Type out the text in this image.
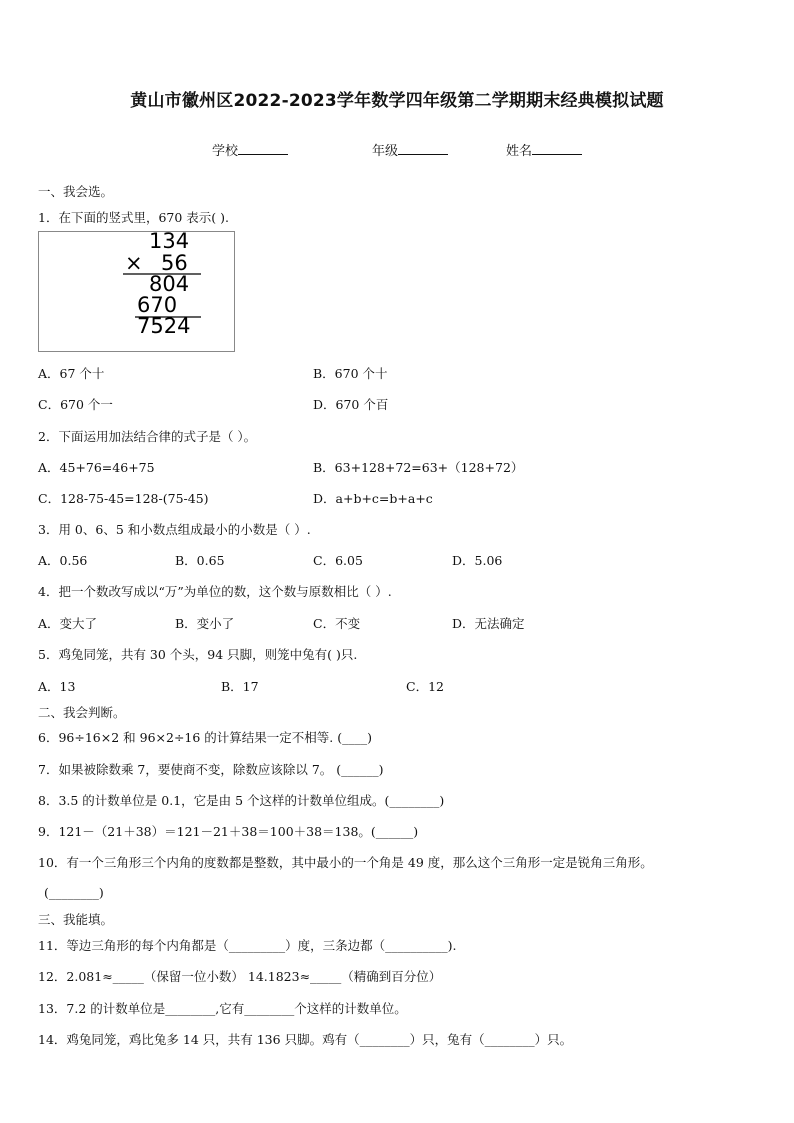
黄山市徽州区2022-2023学年数学四年级第二学期期末经典模拟试题
学校	年级	姓名
一、我会选。
1．在下面的竖式里，670 表示( ).
134
× 56
804
670
7524
A．67 个十	B．670 个十
C．670 个一	D．670 个百
2．下面运用加法结合律的式子是（ ）。
A．45+76=46+75	B．63+128+72=63+（128+72）
C．128-75-45=128-(75-45)	D．a+b+c=b+a+c
3．用 0、6、5 和小数点组成最小的小数是（ ）.
A．0.56	B．0.65	C．6.05	D．5.06
4．把一个数改写成以“万”为单位的数，这个数与原数相比（ ）.
A．变大了	B．变小了	C．不变	D．无法确定
5．鸡兔同笼，共有 30 个头，94 只脚，则笼中兔有( )只.
A．13	B．17	C．12
二、我会判断。
6．96÷16×2 和 96×2÷16 的计算结果一定不相等. (____)
7．如果被除数乘 7，要使商不变，除数应该除以 7。 (______)
8．3.5 的计数单位是 0.1，它是由 5 个这样的计数单位组成。(________)
9．121－（21＋38）＝121－21＋38＝100＋38＝138。(______)
10．有一个三角形三个内角的度数都是整数，其中最小的一个角是 49 度，那么这个三角形一定是锐角三角形。
(________)
三、我能填。
11．等边三角形的每个内角都是（_________）度，三条边都（__________).
12．2.081≈_____（保留一位小数） 14.1823≈_____（精确到百分位）
13．7.2 的计数单位是________,它有________个这样的计数单位。
14．鸡兔同笼，鸡比兔多 14 只，共有 136 只脚。鸡有（________）只，兔有（________）只。
